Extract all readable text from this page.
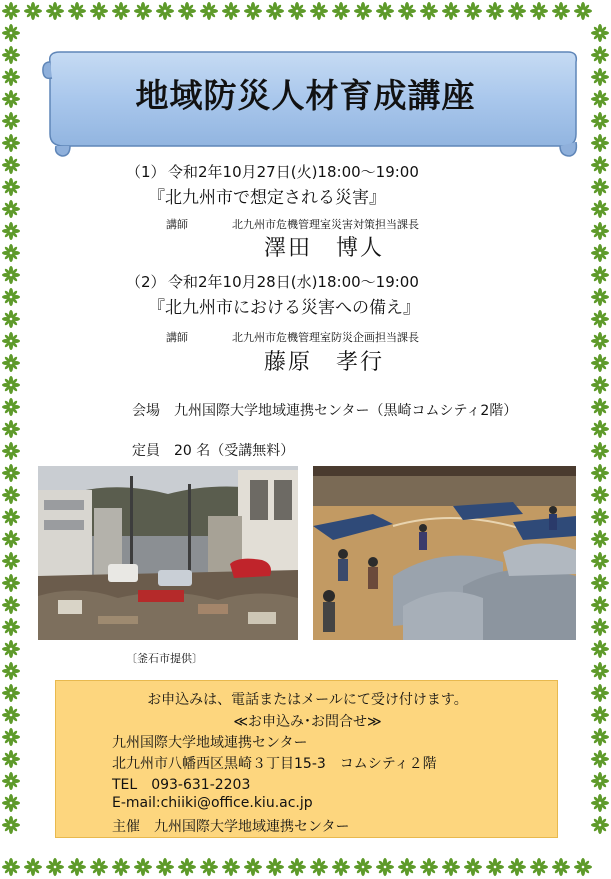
地域防災人材育成講座
（1） 令和2年10月27日(火)18:00～19:00
『北九州市で想定される災害』
講師	北九州市危機管理室災害対策担当課長
澤田　博人
（2） 令和2年10月28日(水)18:00～19:00
『北九州市における災害への備え』
講師	北九州市危機管理室防災企画担当課長
藤原　孝行
会場　九州国際大学地域連携センター（黒崎コムシティ2階）
定員　20 名（受講無料）
〔釜石市提供〕
お申込みは、電話またはメールにて受け付けます。
≪お申込み･お問合せ≫
九州国際大学地域連携センター
北九州市八幡西区黒崎３丁目15-3　コムシティ２階
TEL　093-631-2203
E-mail:chiiki@office.kiu.ac.jp
主催　九州国際大学地域連携センター
